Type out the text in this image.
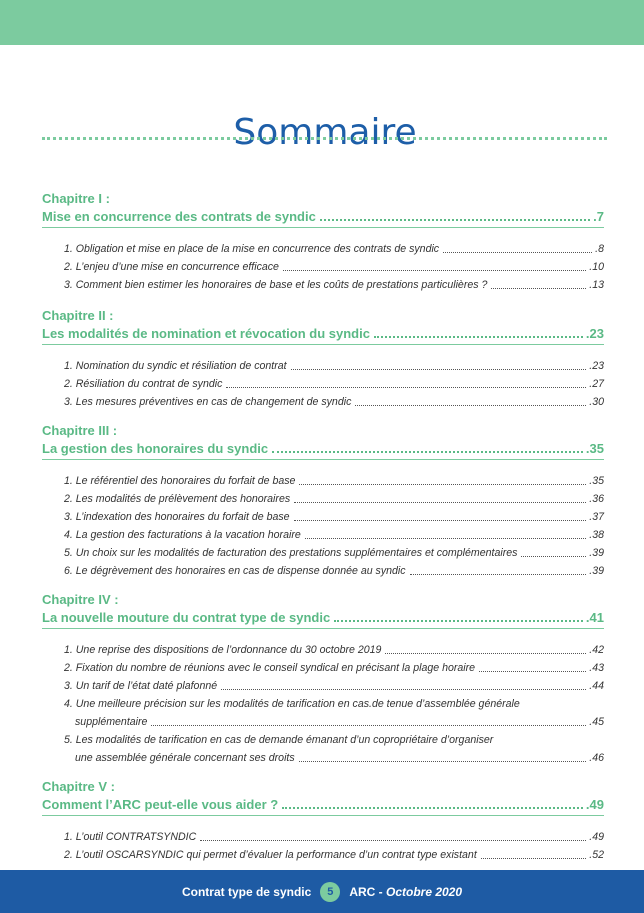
Sommaire
Chapitre I :
Mise en concurrence des contrats de syndic	.7
1. Obligation et mise en place de la mise en concurrence des contrats de syndic	.8
2. L’enjeu d’une mise en concurrence efficace	.10
3. Comment bien estimer les honoraires de base et les coûts de prestations particulières ?	.13
Chapitre II :
Les modalités de nomination et révocation du syndic	.23
1. Nomination du syndic et résiliation de contrat	.23
2. Résiliation du contrat de syndic	.27
3. Les mesures préventives en cas de changement de syndic	.30
Chapitre III :
La gestion des honoraires du syndic	.35
1. Le référentiel des honoraires du forfait de base	.35
2. Les modalités de prélèvement des honoraires	.36
3. L’indexation des honoraires du forfait de base	.37
4. La gestion des facturations à la vacation horaire	.38
5. Un choix sur les modalités de facturation des prestations supplémentaires et complémentaires	.39
6. Le dégrèvement des honoraires en cas de dispense donnée au syndic	.39
Chapitre IV :
La nouvelle mouture du contrat type de syndic	.41
1. Une reprise des dispositions de l’ordonnance du 30 octobre 2019	.42
2. Fixation du nombre de réunions avec le conseil syndical en précisant la plage horaire	.43
3. Un tarif de l’état daté plafonné	.44
4. Une meilleure précision sur les modalités de tarification en cas.de tenue d’assemblée générale
supplémentaire	.45
5. Les modalités de tarification en cas de demande émanant d’un copropriétaire d’organiser
une assemblée générale concernant ses droits	.46
Chapitre V :
Comment l’ARC peut-elle vous aider ?	.49
1. L’outil CONTRATSYNDIC	.49
2. L’outil OSCARSYNDIC qui permet d’évaluer la performance d’un contrat type existant	.52
Contrat type de syndic	5	ARC - Octobre 2020
